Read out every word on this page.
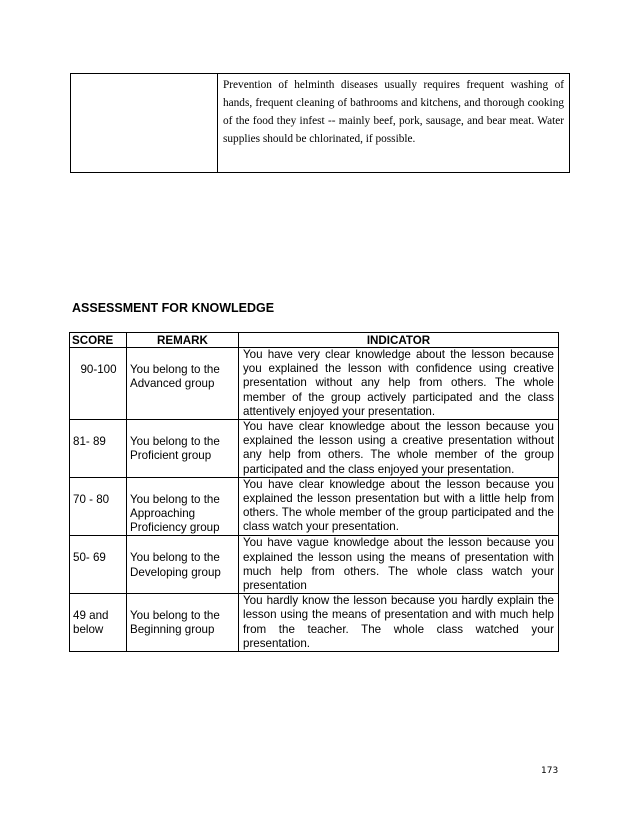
	Prevention of helminth diseases usually requires frequent washing of hands, frequent cleaning of bathrooms and kitchens, and thorough cooking of the food they infest -- mainly beef, pork, sausage, and bear meat. Water supplies should be chlorinated, if possible.
ASSESSMENT FOR KNOWLEDGE
SCORE	REMARK	INDICATOR
90-100	You belong to the Advanced group	You have very clear knowledge about the lesson because you explained the lesson with confidence using creative presentation without any help from others. The whole member of the group actively participated and the class attentively enjoyed your presentation.
81- 89	You belong to the Proficient group	You have clear knowledge about the lesson because you explained the lesson using a creative presentation without any help from others. The whole member of the group participated and the class enjoyed your presentation.
70 - 80	You belong to the Approaching Proficiency group	You have clear knowledge about the lesson because you explained the lesson presentation but with a little help from others. The whole member of the group participated and the class watch your presentation.
50- 69	You belong to the Developing group	You have vague knowledge about the lesson because you explained the lesson using the means of presentation with much help from others. The whole class watch your presentation
49 and below	You belong to the Beginning group	You hardly know the lesson because you hardly explain the lesson using the means of presentation and with much help from the teacher. The whole class watched your presentation.
173
